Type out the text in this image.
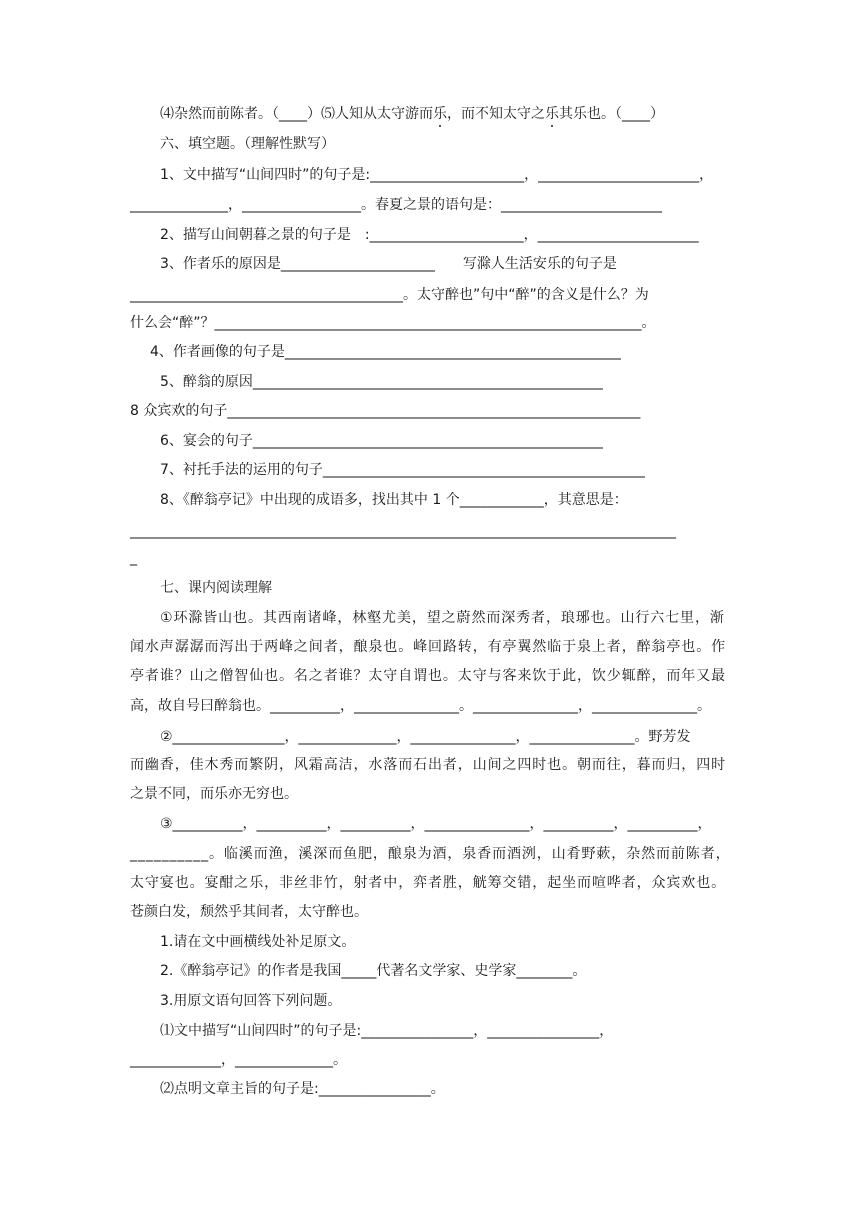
⑷杂然而前陈者。（____）⑸人知从太守游而乐，而不知太守之乐其乐也。（____）
六、填空题。（理解性默写）
1、文中描写“山间四时”的句子是:______________________，_______________________，
______________，_________________。春夏之景的语句是：_______________________
2、描写山间朝暮之景的句子是　:______________________，_______________________
3、作者乐的原因是______________________　　写滁人生活安乐的句子是
_______________________________________。太守醉也”句中“醉”的含义是什么？为
什么会“醉”？_____________________________________________________________。
4、作者画像的句子是________________________________________________
5、醉翁的原因__________________________________________________
8 众宾欢的句子___________________________________________________________
6、宴会的句子__________________________________________________
7、衬托手法的运用的句子______________________________________________
8、《醉翁亭记》中出现的成语多，找出其中 1 个____________，其意思是：
______________________________________________________________________________
_
七、课内阅读理解
①环滁皆山也。其西南诸峰，林壑尤美，望之蔚然而深秀者，琅琊也。山行六七里，渐
闻水声潺潺而泻出于两峰之间者，酿泉也。峰回路转，有亭翼然临于泉上者，醉翁亭也。作
亭者谁？山之僧智仙也。名之者谁？太守自谓也。太守与客来饮于此，饮少辄醉，而年又最
高，故自号曰醉翁也。__________，_______________。_______________，_______________。
②________________，______________，_______________，_______________。野芳发
而幽香，佳木秀而繁阴，风霜高洁，水落而石出者，山间之四时也。朝而往，暮而归，四时
之景不同，而乐亦无穷也。
③__________，__________，__________，_______________，__________，__________，
__________。临溪而渔，溪深而鱼肥，酿泉为酒，泉香而酒洌，山肴野蔌，杂然而前陈者，
太守宴也。宴酣之乐，非丝非竹，射者中，弈者胜，觥筹交错，起坐而喧哗者，众宾欢也。
苍颜白发，颓然乎其间者，太守醉也。
1.请在文中画横线处补足原文。
2.《醉翁亭记》的作者是我国_____代著名文学家、史学家________。
3.用原文语句回答下列问题。
⑴文中描写“山间四时”的句子是:________________，________________，
_____________，______________。
⑵点明文章主旨的句子是:________________。
